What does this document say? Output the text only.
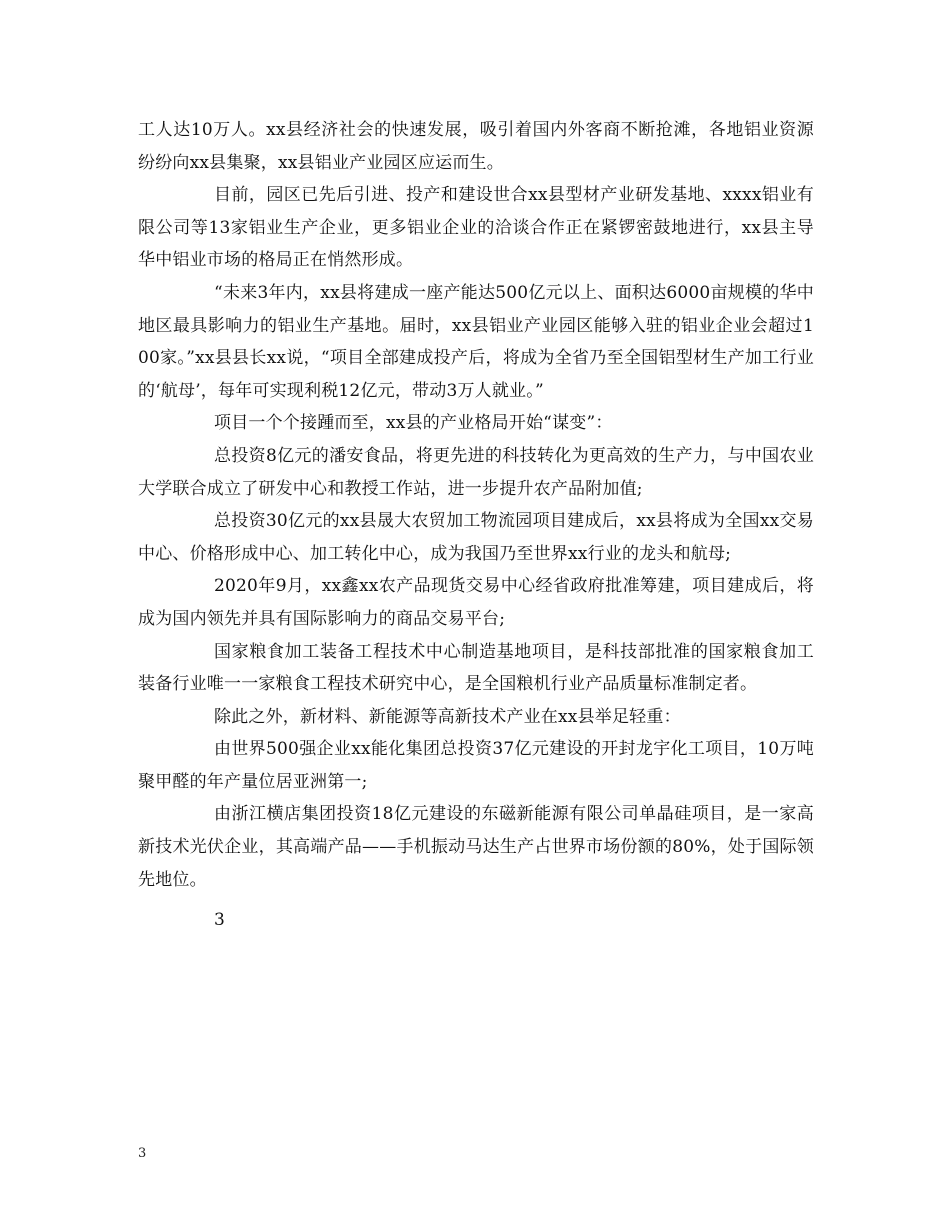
工人达10万人。xx县经济社会的快速发展，吸引着国内外客商不断抢滩，各地铝业资源纷纷向xx县集聚，xx县铝业产业园区应运而生。

目前，园区已先后引进、投产和建设世合xx县型材产业研发基地、xxxx铝业有限公司等13家铝业生产企业，更多铝业企业的洽谈合作正在紧锣密鼓地进行，xx县主导华中铝业市场的格局正在悄然形成。

“未来3年内，xx县将建成一座产能达500亿元以上、面积达6000亩规模的华中地区最具影响力的铝业生产基地。届时，xx县铝业产业园区能够入驻的铝业企业会超过100家。”xx县县长xx说，“项目全部建成投产后，将成为全省乃至全国铝型材生产加工行业的‘航母’，每年可实现利税12亿元，带动3万人就业。”

项目一个个接踵而至，xx县的产业格局开始“谋变”：

总投资8亿元的潘安食品，将更先进的科技转化为更高效的生产力，与中国农业大学联合成立了研发中心和教授工作站，进一步提升农产品附加值;

总投资30亿元的xx县晟大农贸加工物流园项目建成后，xx县将成为全国xx交易中心、价格形成中心、加工转化中心，成为我国乃至世界xx行业的龙头和航母;

2020年9月，xx鑫xx农产品现货交易中心经省政府批准筹建，项目建成后，将成为国内领先并具有国际影响力的商品交易平台;

国家粮食加工装备工程技术中心制造基地项目，是科技部批准的国家粮食加工装备行业唯一一家粮食工程技术研究中心，是全国粮机行业产品质量标准制定者。

除此之外，新材料、新能源等高新技术产业在xx县举足轻重：

由世界500强企业xx能化集团总投资37亿元建设的开封龙宇化工项目，10万吨聚甲醛的年产量位居亚洲第一;

由浙江横店集团投资18亿元建设的东磁新能源有限公司单晶硅项目，是一家高新技术光伏企业，其高端产品——手机振动马达生产占世界市场份额的80%，处于国际领先地位。

3
3
